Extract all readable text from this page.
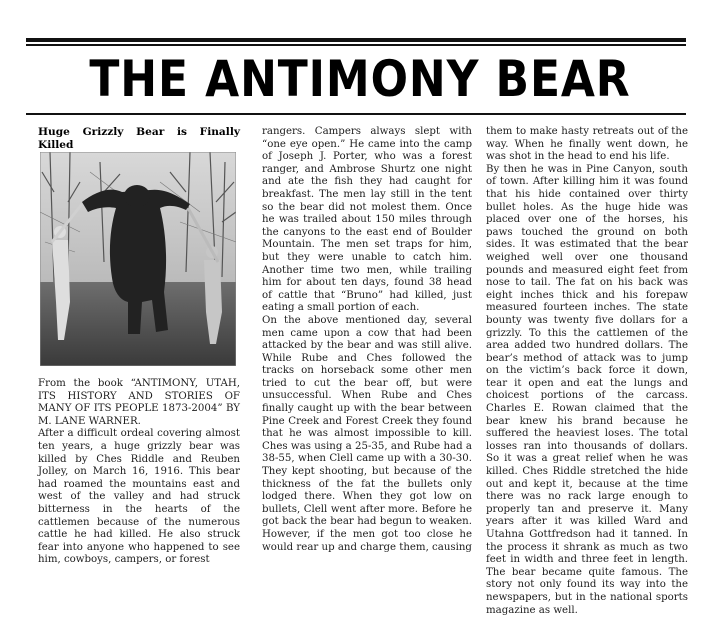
THE ANTIMONY BEAR

Huge Grizzly Bear is Finally Killed

From the book “ANTIMONY, UTAH, ITS HISTORY AND STORIES OF MANY OF ITS PEOPLE 1873-2004” BY M. LANE WARNER.

After a difficult ordeal covering almost ten years, a huge grizzly bear was killed by Ches Riddle and Reuben Jolley, on March 16, 1916. This bear had roamed the mountains east and west of the valley and had struck bitterness in the hearts of the cattlemen because of the numerous cattle he had killed. He also struck fear into anyone who happened to see him, cowboys, campers, or forest

rangers. Campers always slept with “one eye open.” He came into the camp of Joseph J. Porter, who was a forest ranger, and Ambrose Shurtz one night and ate the fish they had caught for breakfast. The men lay still in the tent so the bear did not molest them. Once he was trailed about 150 miles through the canyons to the east end of Boulder Mountain. The men set traps for him, but they were unable to catch him. Another time two men, while trailing him for about ten days, found 38 head of cattle that “Bruno” had killed, just eating a small portion of each.

On the above mentioned day, several men came upon a cow that had been attacked by the bear and was still alive. While Rube and Ches followed the tracks on horseback some other men tried to cut the bear off, but were unsuccessful. When Rube and Ches finally caught up with the bear between Pine Creek and Forest Creek they found that he was almost impossible to kill. Ches was using a 25-35, and Rube had a 38-55, when Clell came up with a 30-30. They kept shooting, but because of the thickness of the fat the bullets only lodged there. When they got low on bullets, Clell went after more. Before he got back the bear had begun to weaken. However, if the men got too close he would rear up and charge them, causing

them to make hasty retreats out of the way. When he finally went down, he was shot in the head to end his life.

By then he was in Pine Canyon, south of town. After killing him it was found that his hide contained over thirty bullet holes. As the huge hide was placed over one of the horses, his paws touched the ground on both sides. It was estimated that the bear weighed well over one thousand pounds and measured eight feet from nose to tail. The fat on his back was eight inches thick and his forepaw measured fourteen inches. The state bounty was twenty five dollars for a grizzly. To this the cattlemen of the area added two hundred dollars. The bear’s method of attack was to jump on the victim’s back force it down, tear it open and eat the lungs and choicest portions of the carcass. Charles E. Rowan claimed that the bear knew his brand because he suffered the heaviest loses. The total losses ran into thousands of dollars. So it was a great relief when he was killed. Ches Riddle stretched the hide out and kept it, because at the time there was no rack large enough to properly tan and preserve it. Many years after it was killed Ward and Utahna Gottfredson had it tanned. In the process it shrank as much as two feet in width and three feet in length. The bear became quite famous. The story not only found its way into the newspapers, but in the national sports magazine as well.
